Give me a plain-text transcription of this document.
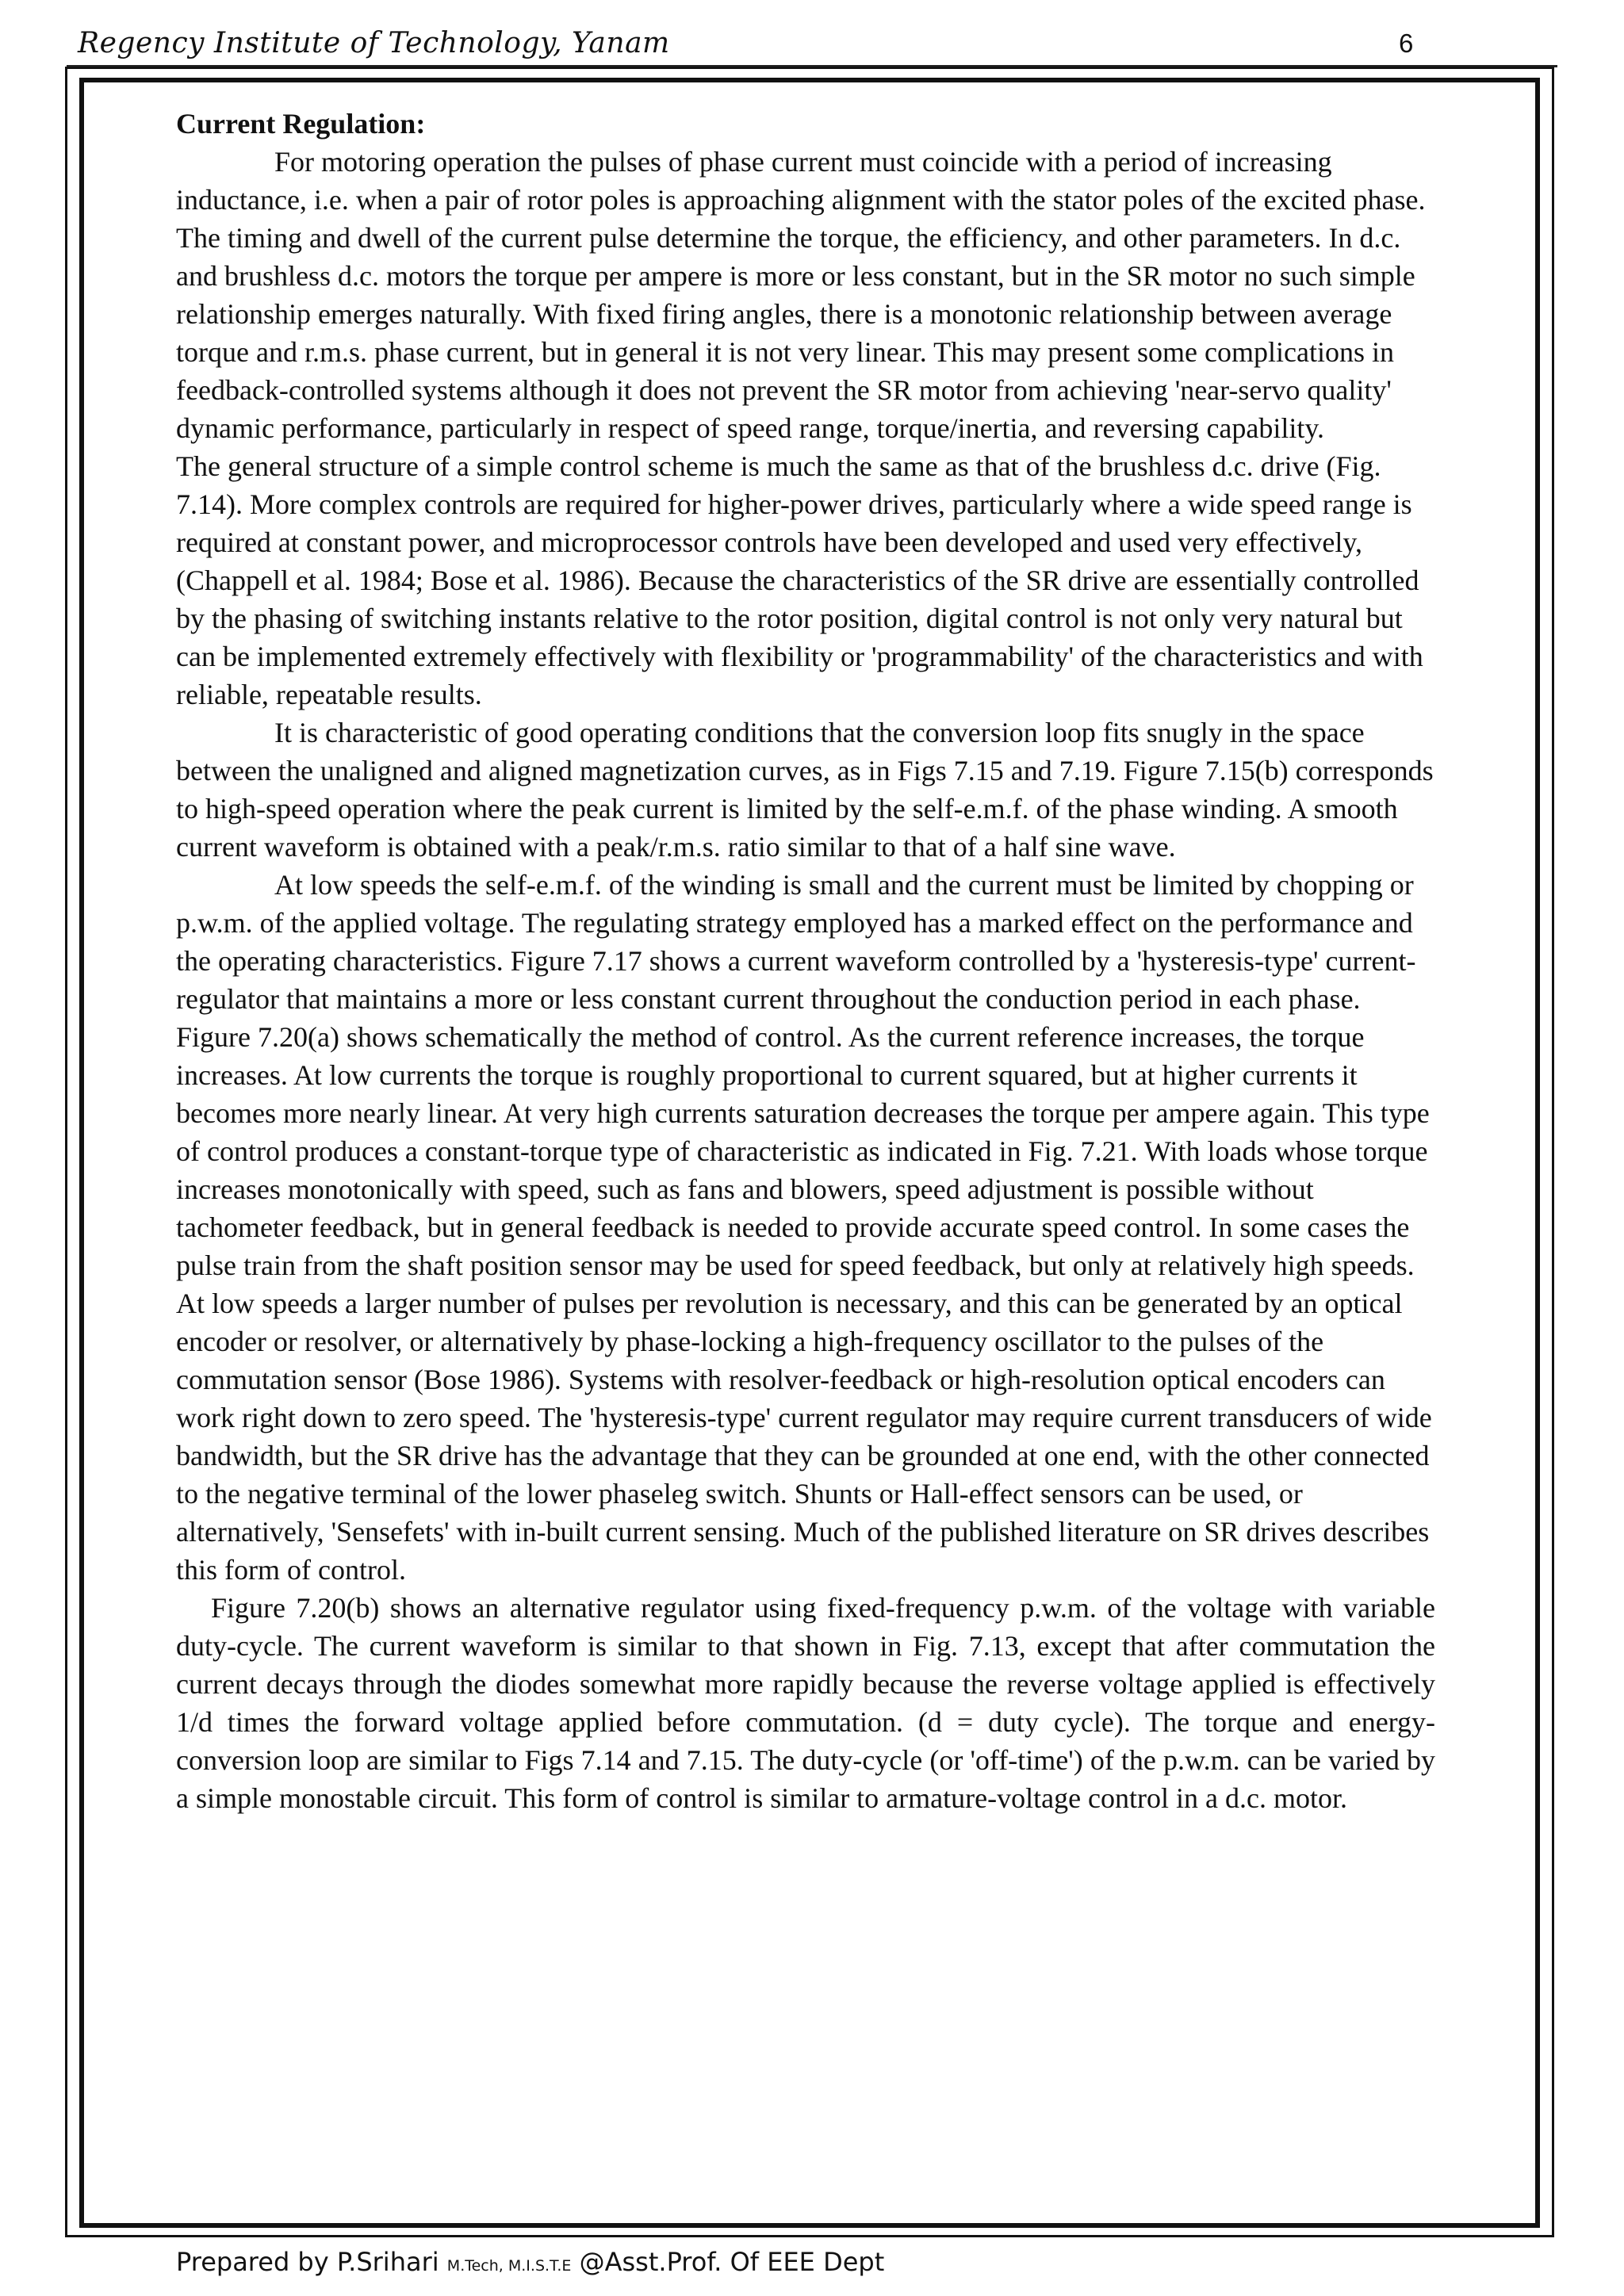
Regency Institute of Technology, Yanam	6
Current Regulation:

For motoring operation the pulses of phase current must coincide with a period of increasing inductance, i.e. when a pair of rotor poles is approaching alignment with the stator poles of the excited phase. The timing and dwell of the current pulse determine the torque, the efficiency, and other parameters. In d.c. and brushless d.c. motors the torque per ampere is more or less constant, but in the SR motor no such simple relationship emerges naturally. With fixed firing angles, there is a monotonic relationship between average torque and r.m.s. phase current, but in general it is not very linear. This may present some complications in feedback-controlled systems although it does not prevent the SR motor from achieving 'near-servo quality' dynamic performance, particularly in respect of speed range, torque/inertia, and reversing capability.

The general structure of a simple control scheme is much the same as that of the brushless d.c. drive (Fig. 7.14). More complex controls are required for higher-power drives, particularly where a wide speed range is required at constant power, and microprocessor controls have been developed and used very effectively, (Chappell et al. 1984; Bose et al. 1986). Because the characteristics of the SR drive are essentially controlled by the phasing of switching instants relative to the rotor position, digital control is not only very natural but can be implemented extremely effectively with flexibility or 'programmability' of the characteristics and with reliable, repeatable results.

It is characteristic of good operating conditions that the conversion loop fits snugly in the space between the unaligned and aligned magnetization curves, as in Figs 7.15 and 7.19. Figure 7.15(b) corresponds to high-speed operation where the peak current is limited by the self-e.m.f. of the phase winding. A smooth current waveform is obtained with a peak/r.m.s. ratio similar to that of a half sine wave.

At low speeds the self-e.m.f. of the winding is small and the current must be limited by chopping or p.w.m. of the applied voltage. The regulating strategy employed has a marked effect on the performance and the operating characteristics. Figure 7.17 shows a current waveform controlled by a 'hysteresis-type' current-regulator that maintains a more or less constant current throughout the conduction period in each phase. Figure 7.20(a) shows schematically the method of control. As the current reference increases, the torque increases. At low currents the torque is roughly proportional to current squared, but at higher currents it becomes more nearly linear. At very high currents saturation decreases the torque per ampere again. This type of control produces a constant-torque type of characteristic as indicated in Fig. 7.21. With loads whose torque increases monotonically with speed, such as fans and blowers, speed adjustment is possible without tachometer feedback, but in general feedback is needed to provide accurate speed control. In some cases the pulse train from the shaft position sensor may be used for speed feedback, but only at relatively high speeds. At low speeds a larger number of pulses per revolution is necessary, and this can be generated by an optical encoder or resolver, or alternatively by phase-locking a high-frequency oscillator to the pulses of the commutation sensor (Bose 1986). Systems with resolver-feedback or high-resolution optical encoders can work right down to zero speed. The 'hysteresis-type' current regulator may require current transducers of wide bandwidth, but the SR drive has the advantage that they can be grounded at one end, with the other connected to the negative terminal of the lower phaseleg switch. Shunts or Hall-effect sensors can be used, or alternatively, 'Sensefets' with in-built current sensing. Much of the published literature on SR drives describes this form of control.

Figure 7.20(b) shows an alternative regulator using fixed-frequency p.w.m. of the voltage with variable duty-cycle. The current waveform is similar to that shown in Fig. 7.13, except that after commutation the current decays through the diodes somewhat more rapidly because the reverse voltage applied is effectively 1/d times the forward voltage applied before commutation. (d = duty cycle). The torque and energy-conversion loop are similar to Figs 7.14 and 7.15. The duty-cycle (or 'off-time') of the p.w.m. can be varied by a simple monostable circuit. This form of control is similar to armature-voltage control in a d.c. motor.

Prepared by P.Srihari M.Tech, M.I.S.T.E @Asst.Prof. Of EEE Dept
